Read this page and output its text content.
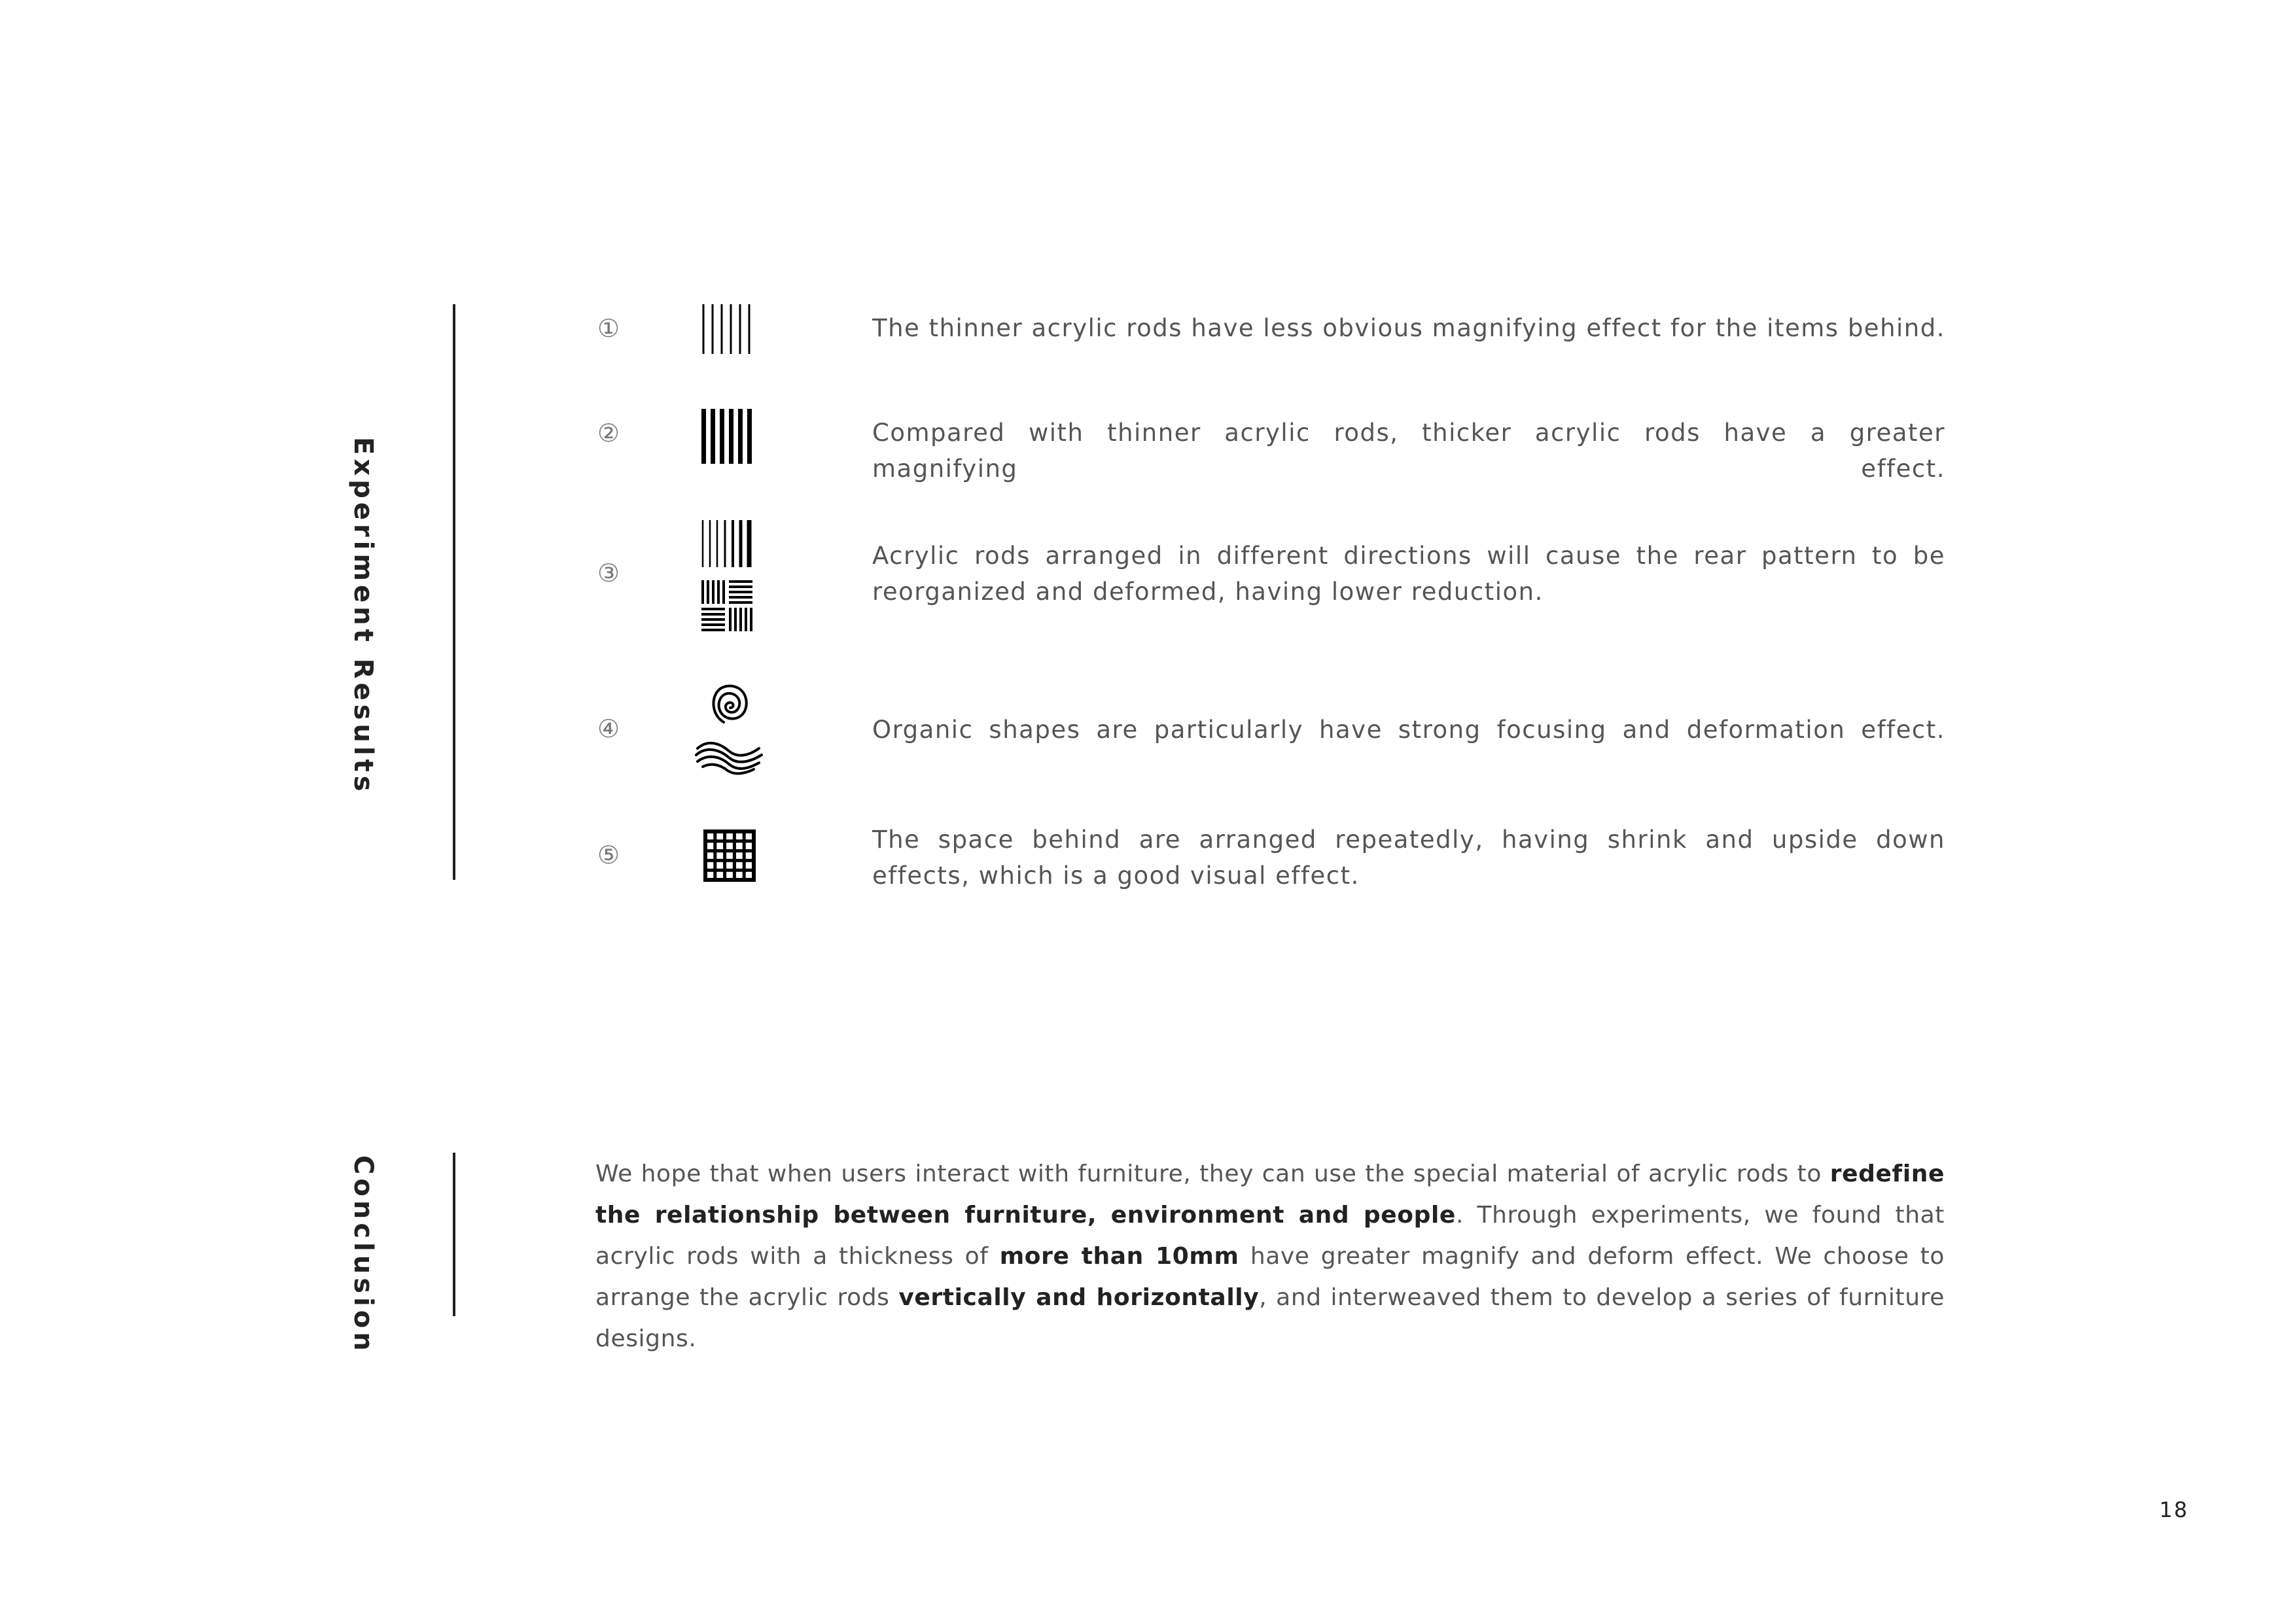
Experiment Results
①	The thinner acrylic rods have less obvious magnifying effect for the items behind.

②	Compared with thinner acrylic rods, thicker acrylic rods have a greater magnifying effect.

③

Acrylic rods arranged in different directions will cause the rear pattern to be reorganized and deformed, having lower reduction.

④	Organic shapes are particularly have strong focusing and deformation effect.

⑤

The space behind are arranged repeatedly, having shrink and upside down effects, which is a good visual effect.

Conclusion	We hope that when users interact with furniture, they can use the special material of acrylic rods to redefine the relationship between furniture, environment and people. Through experiments, we found that acrylic rods with a thickness of more than 10mm have greater magnify and deform effect. We choose to arrange the acrylic rods vertically and horizontally, and interweaved them to develop a series of furniture designs.

18
